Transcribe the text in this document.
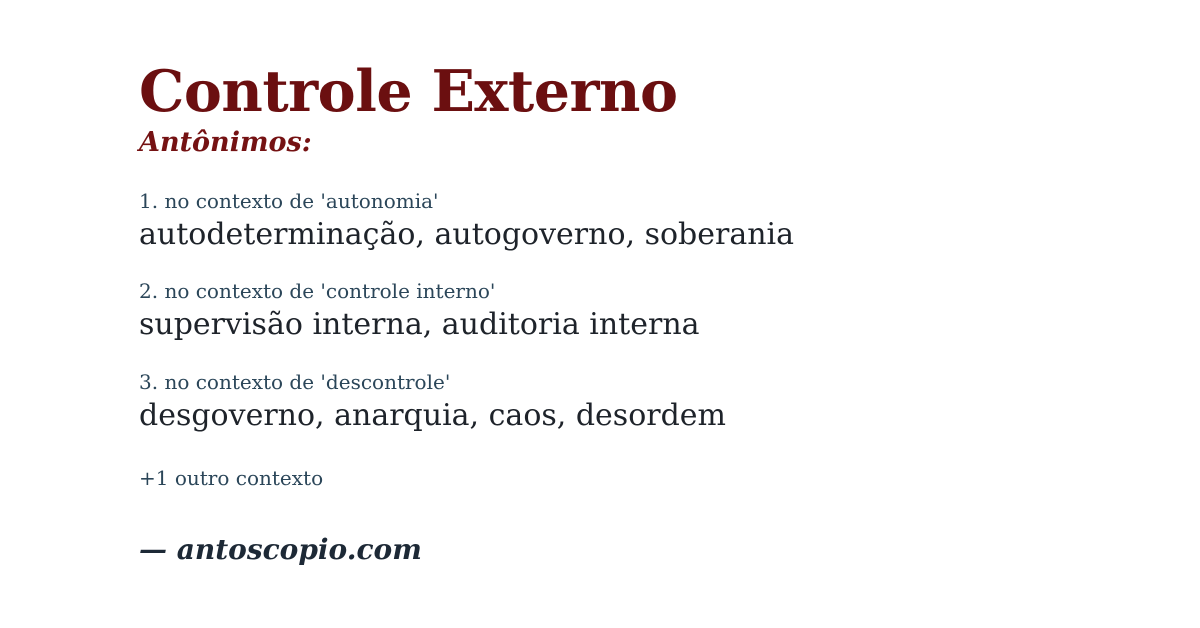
Controle Externo
Antônimos:
1. no contexto de 'autonomia'
autodeterminação, autogoverno, soberania
2. no contexto de 'controle interno'
supervisão interna, auditoria interna
3. no contexto de 'descontrole'
desgoverno, anarquia, caos, desordem
+1 outro contexto
— antoscopio.com
